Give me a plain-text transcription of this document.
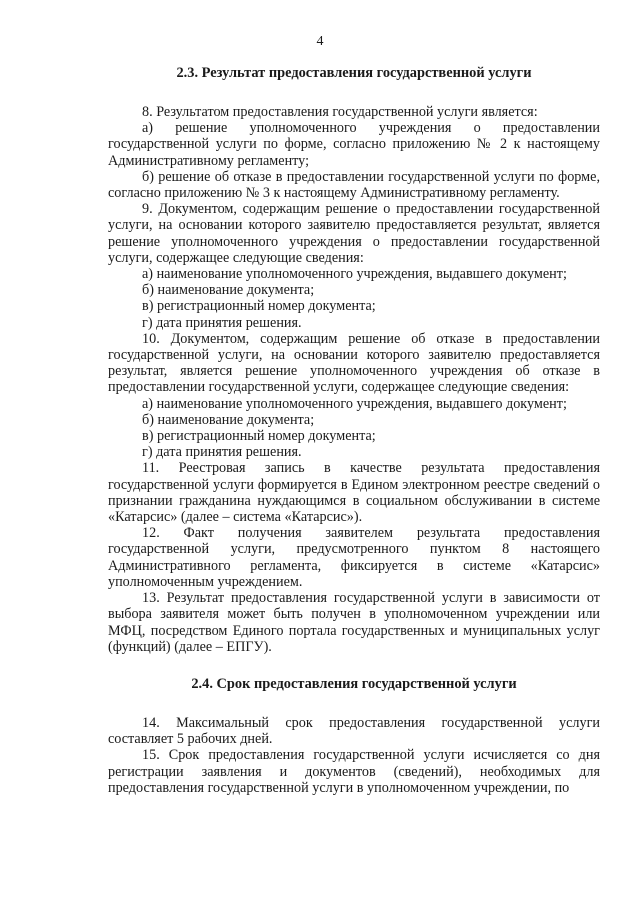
4
2.3. Результат предоставления государственной услуги

8. Результатом предоставления государственной услуги является:

а) решение уполномоченного учреждения о предоставлении государственной услуги по форме, согласно приложению № 2 к настоящему Административному регламенту;

б) решение об отказе в предоставлении государственной услуги по форме, согласно приложению № 3 к настоящему Административному регламенту.

9. Документом, содержащим решение о предоставлении государственной услуги, на основании которого заявителю предоставляется результат, является решение уполномоченного учреждения о предоставлении государственной услуги, содержащее следующие сведения:

а) наименование уполномоченного учреждения, выдавшего документ;

б) наименование документа;

в) регистрационный номер документа;

г) дата принятия решения.

10. Документом, содержащим решение об отказе в предоставлении государственной услуги, на основании которого заявителю предоставляется результат, является решение уполномоченного учреждения об отказе в предоставлении государственной услуги, содержащее следующие сведения:

а) наименование уполномоченного учреждения, выдавшего документ;

б) наименование документа;

в) регистрационный номер документа;

г) дата принятия решения.

11. Реестровая запись в качестве результата предоставления государственной услуги формируется в Едином электронном реестре сведений о признании гражданина нуждающимся в социальном обслуживании в системе «Катарсис» (далее – система «Катарсис»).

12. Факт получения заявителем результата предоставления государственной услуги, предусмотренного пунктом 8 настоящего Административного регламента, фиксируется в системе «Катарсис» уполномоченным учреждением.

13. Результат предоставления государственной услуги в зависимости от выбора заявителя может быть получен в уполномоченном учреждении или МФЦ, посредством Единого портала государственных и муниципальных услуг (функций) (далее – ЕПГУ).

2.4. Срок предоставления государственной услуги

14. Максимальный срок предоставления государственной услуги составляет 5 рабочих дней.

15. Срок предоставления государственной услуги исчисляется со дня регистрации заявления и документов (сведений), необходимых для предоставления государственной услуги в уполномоченном учреждении, по
